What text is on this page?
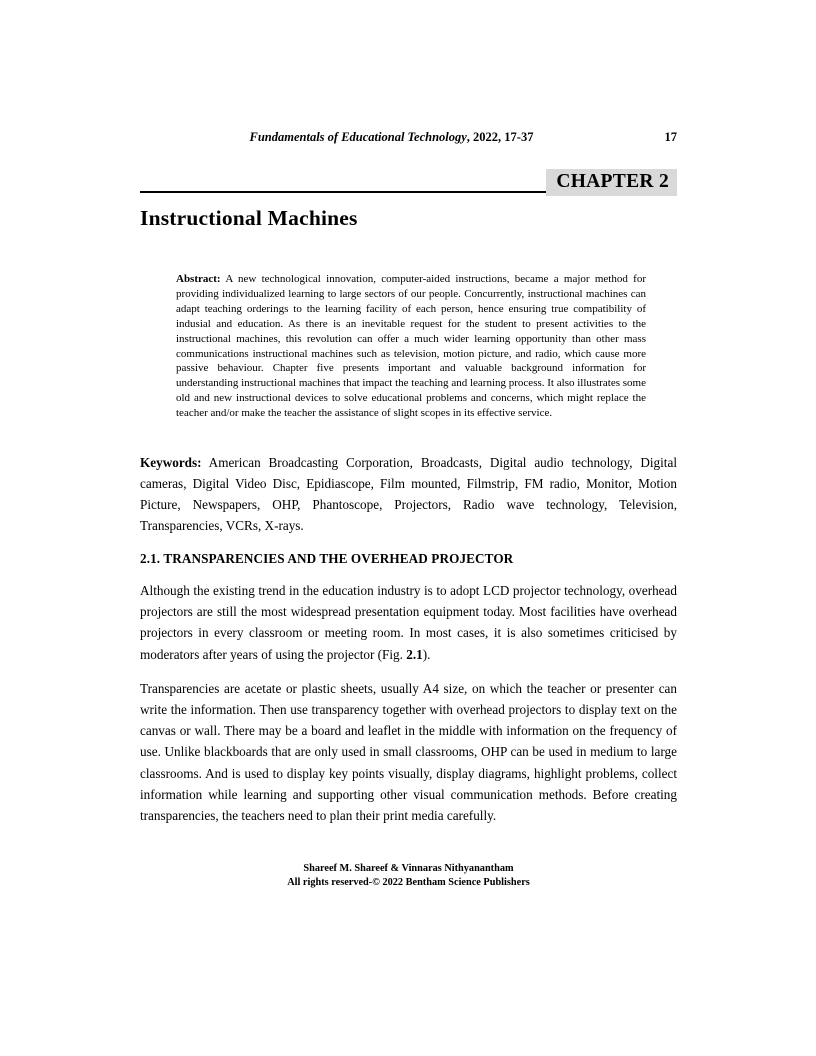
Fundamentals of Educational Technology, 2022, 17-37	17
CHAPTER 2
Instructional Machines

Abstract: A new technological innovation, computer-aided instructions, became a major method for providing individualized learning to large sectors of our people. Concurrently, instructional machines can adapt teaching orderings to the learning facility of each person, hence ensuring true compatibility of indusial and education. As there is an inevitable request for the student to present activities to the instructional machines, this revolution can offer a much wider learning opportunity than other mass communications instructional machines such as television, motion picture, and radio, which cause more passive behaviour. Chapter five presents important and valuable background information for understanding instructional machines that impact the teaching and learning process. It also illustrates some old and new instructional devices to solve educational problems and concerns, which might replace the teacher and/or make the teacher the assistance of slight scopes in its effective service.

Keywords: American Broadcasting Corporation, Broadcasts, Digital audio technology, Digital cameras, Digital Video Disc, Epidiascope, Film mounted, Filmstrip, FM radio, Monitor, Motion Picture, Newspapers, OHP, Phantoscope, Projectors, Radio wave technology, Television, Transparencies, VCRs, X-rays.

2.1. TRANSPARENCIES AND THE OVERHEAD PROJECTOR

Although the existing trend in the education industry is to adopt LCD projector technology, overhead projectors are still the most widespread presentation equipment today. Most facilities have overhead projectors in every classroom or meeting room. In most cases, it is also sometimes criticised by moderators after years of using the projector (Fig. 2.1).

Transparencies are acetate or plastic sheets, usually A4 size, on which the teacher or presenter can write the information. Then use transparency together with overhead projectors to display text on the canvas or wall. There may be a board and leaflet in the middle with information on the frequency of use. Unlike blackboards that are only used in small classrooms, OHP can be used in medium to large classrooms. And is used to display key points visually, display diagrams, highlight problems, collect information while learning and supporting other visual communication methods. Before creating transparencies, the teachers need to plan their print media carefully.

Shareef M. Shareef & Vinnaras Nithyanantham
All rights reserved-© 2022 Bentham Science Publishers
